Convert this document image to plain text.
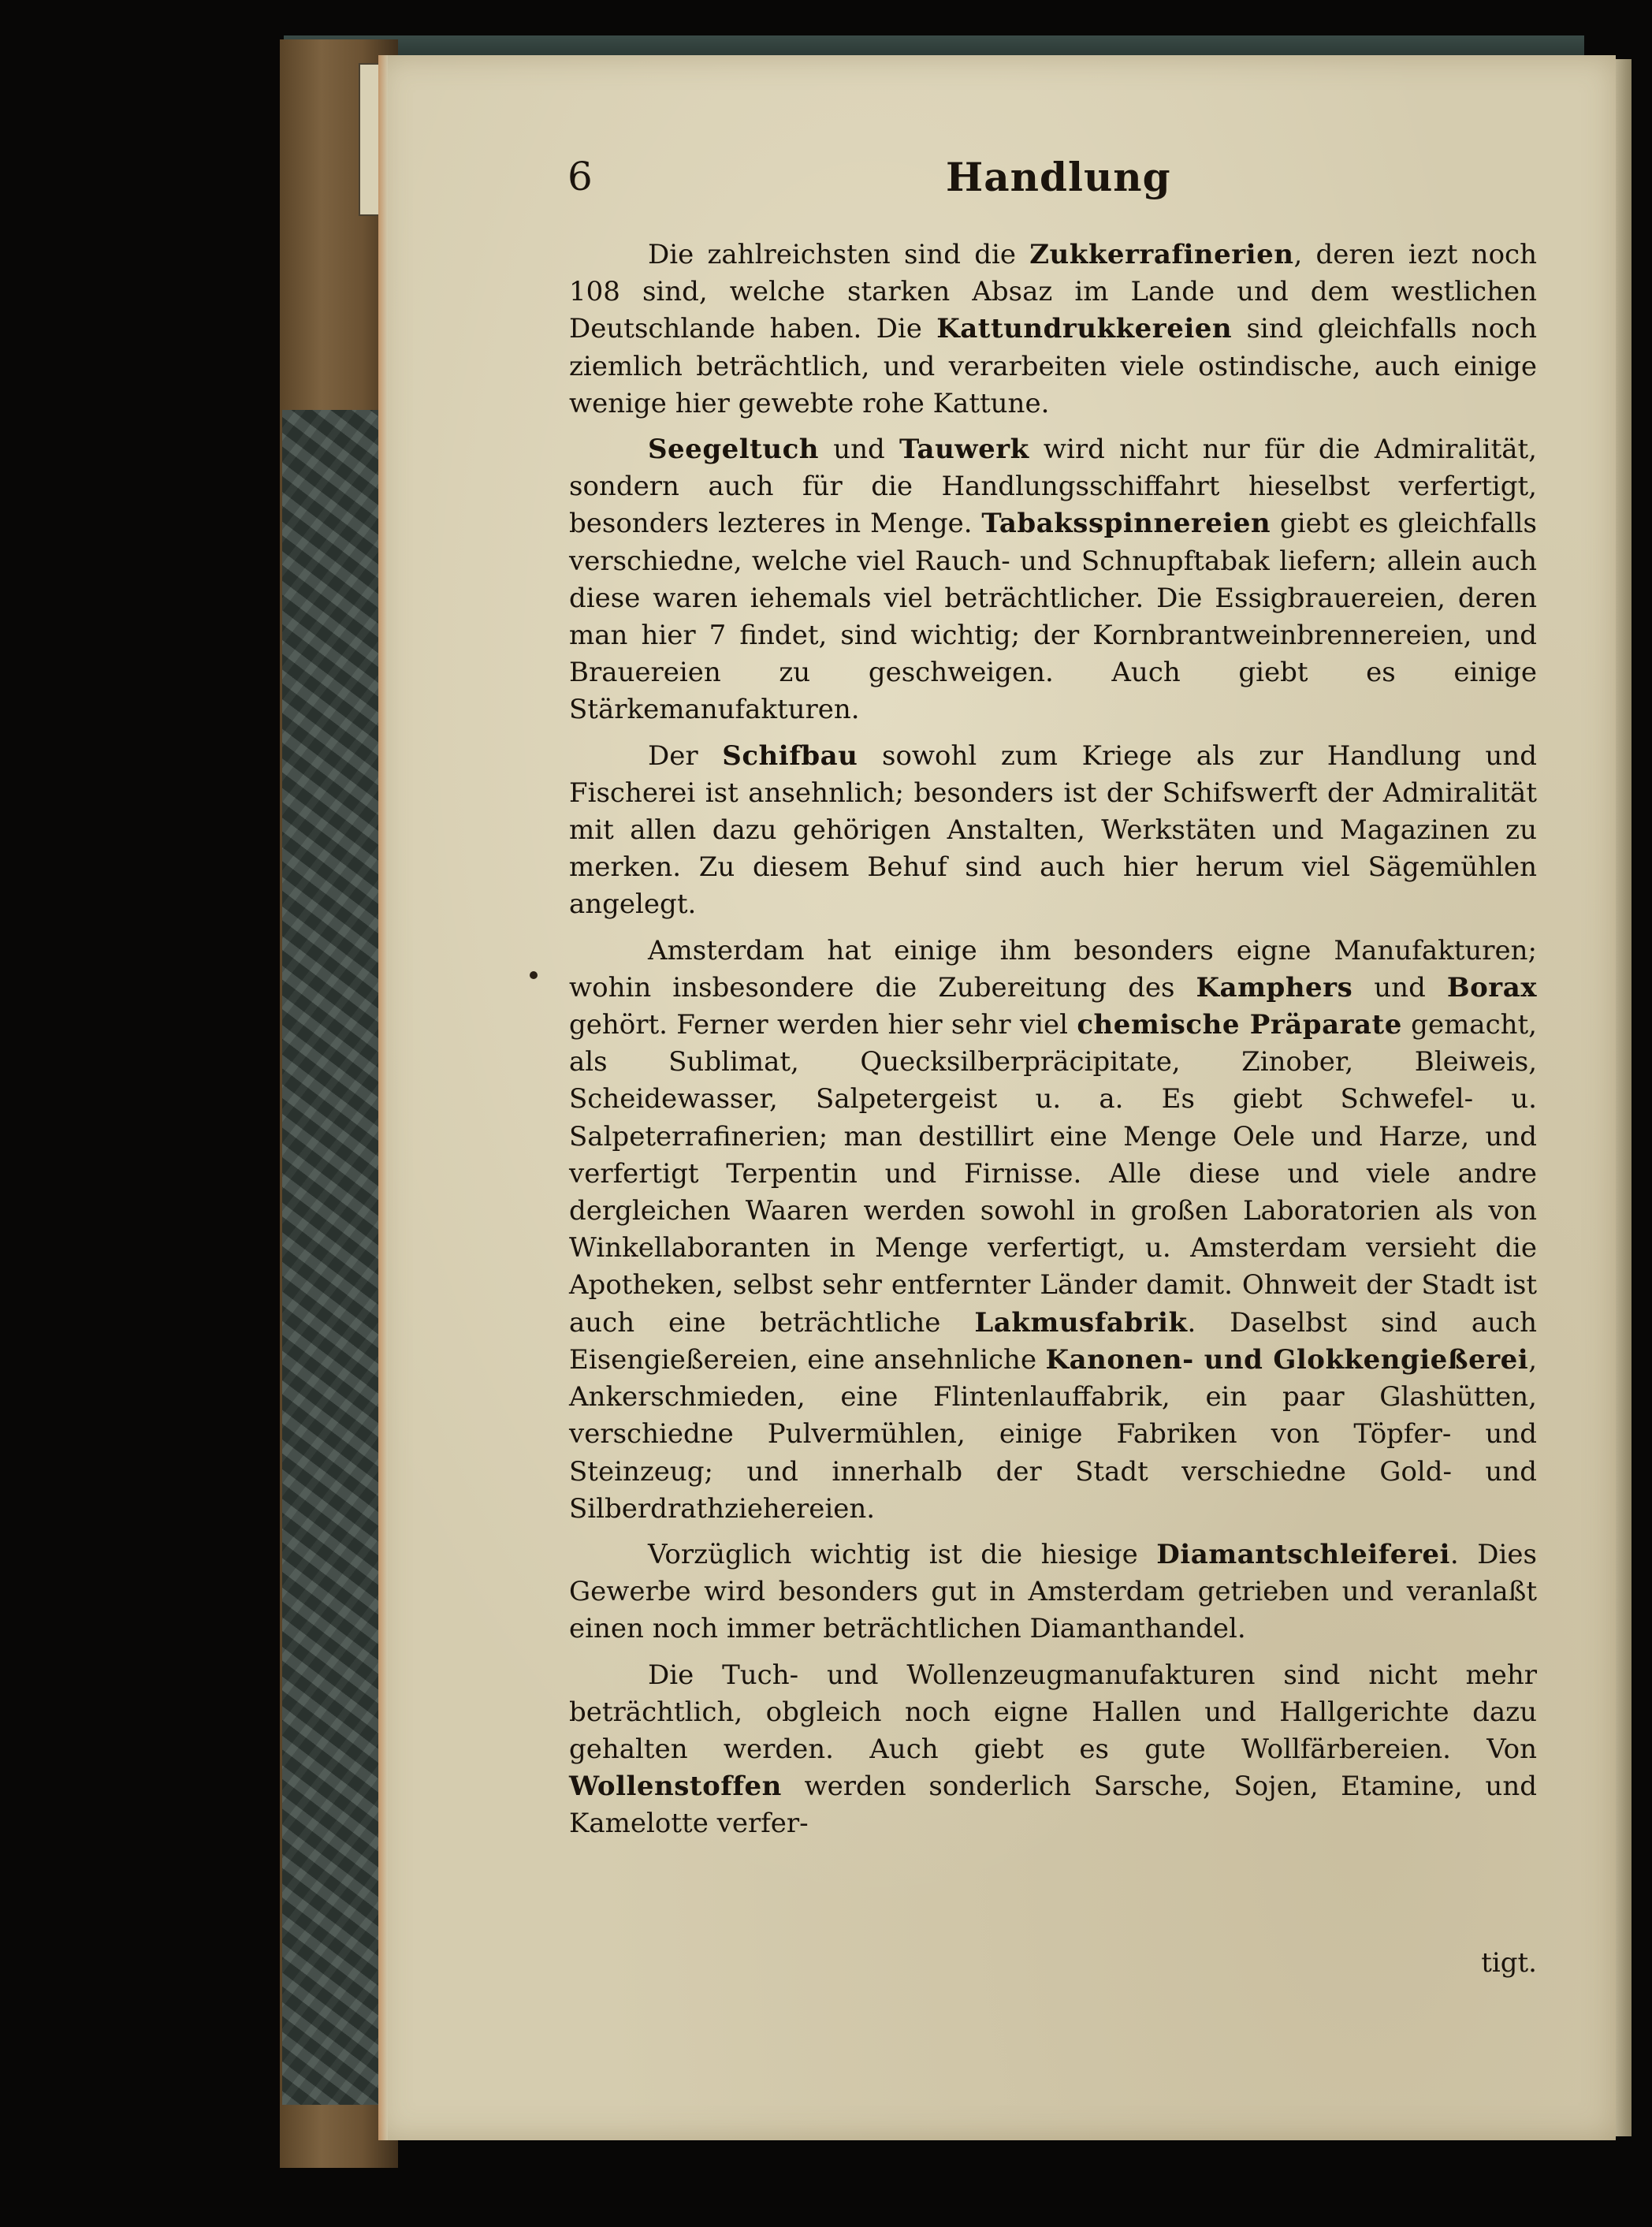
6	Handlung

Die zahlreichsten sind die Zukkerrafinerien, deren iezt noch 108 sind, welche starken Absaz im Lande und dem westlichen Deutschlande haben. Die Kattundrukkereien sind gleichfalls noch ziemlich beträchtlich, und verarbeiten viele ostindische, auch einige wenige hier gewebte rohe Kattune.

Seegeltuch und Tauwerk wird nicht nur für die Admiralität, sondern auch für die Handlungsschiffahrt hieselbst verfertigt, besonders lezteres in Menge. Tabaksspinnereien giebt es gleichfalls verschiedne, welche viel Rauch- und Schnupftabak liefern; allein auch diese waren iehemals viel beträchtlicher. Die Essigbrauereien, deren man hier 7 findet, sind wichtig; der Kornbrantweinbrennereien, und Brauereien zu geschweigen. Auch giebt es einige Stärkemanufakturen.

Der Schifbau sowohl zum Kriege als zur Handlung und Fischerei ist ansehnlich; besonders ist der Schifswerft der Admiralität mit allen dazu gehörigen Anstalten, Werkstäten und Magazinen zu merken. Zu diesem Behuf sind auch hier herum viel Sägemühlen angelegt.

Amsterdam hat einige ihm besonders eigne Manufakturen; wohin insbesondere die Zubereitung des Kamphers und Borax gehört. Ferner werden hier sehr viel chemische Präparate gemacht, als Sublimat, Quecksilberpräcipitate, Zinober, Bleiweis, Scheidewasser, Salpetergeist u. a. Es giebt Schwefel- u. Salpeterrafinerien; man destillirt eine Menge Oele und Harze, und verfertigt Terpentin und Firnisse. Alle diese und viele andre dergleichen Waaren werden sowohl in großen Laboratorien als von Winkellaboranten in Menge verfertigt, u. Amsterdam versieht die Apotheken, selbst sehr entfernter Länder damit. Ohnweit der Stadt ist auch eine beträchtliche Lakmusfabrik. Daselbst sind auch Eisengießereien, eine ansehnliche Kanonen- und Glokkengießerei, Ankerschmieden, eine Flintenlauffabrik, ein paar Glashütten, verschiedne Pulvermühlen, einige Fabriken von Töpfer- und Steinzeug; und innerhalb der Stadt verschiedne Gold- und Silberdrathziehereien.

Vorzüglich wichtig ist die hiesige Diamantschleiferei. Dies Gewerbe wird besonders gut in Amsterdam getrieben und veranlaßt einen noch immer beträchtlichen Diamanthandel.

Die Tuch- und Wollenzeugmanufakturen sind nicht mehr beträchtlich, obgleich noch eigne Hallen und Hallgerichte dazu gehalten werden. Auch giebt es gute Wollfärbereien. Von Wollenstoffen werden sonderlich Sarsche, Sojen, Etamine, und Kamelotte verfer-

tigt.
